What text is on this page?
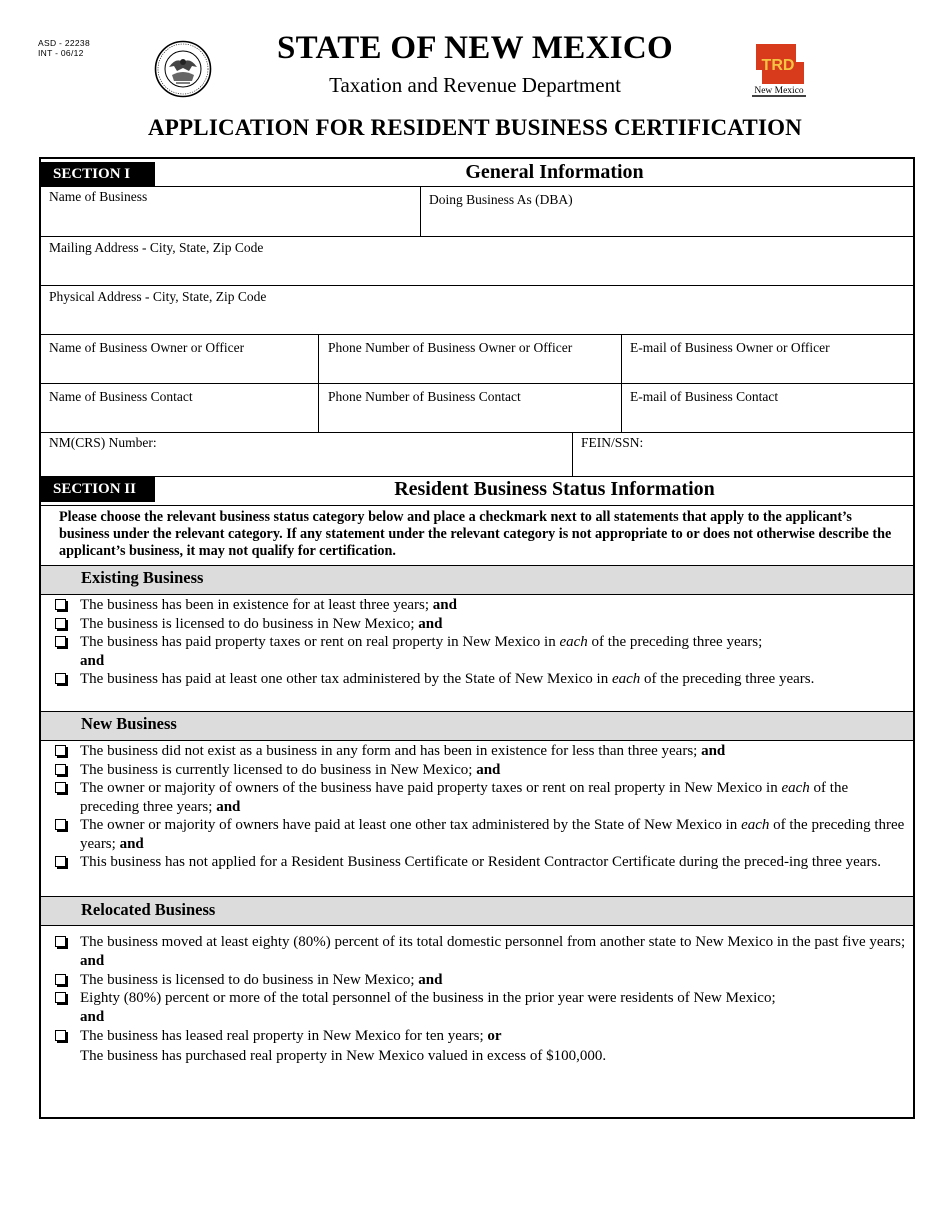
ASD - 22238
INT - 06/12	STATE OF NEW MEXICO
Taxation and Revenue Department
TRD
New Mexico
APPLICATION FOR RESIDENT BUSINESS CERTIFICATION
SECTION I	General Information
Name of Business	Doing Business As (DBA)
Mailing Address - City, State, Zip Code
Physical Address - City, State, Zip Code
Name of Business Owner or Officer	Phone Number of Business Owner or Officer	E-mail of Business Owner or Officer
Name of Business Contact	Phone Number of Business Contact	E-mail of Business Contact
NM(CRS) Number:	FEIN/SSN:
SECTION II	Resident Business Status Information
Please choose the relevant business status category below and place a checkmark next to all statements that apply to the applicant’s business under the relevant category. If any statement under the relevant category is not appropriate to or does not otherwise describe the applicant’s business, it may not qualify for certification.
Existing Business
The business has been in existence for at least three years; and
The business is licensed to do business in New Mexico; and
The business has paid property taxes or rent on real property in New Mexico in each of the preceding three years;
and
The business has paid at least one other tax administered by the State of New Mexico in each of the preceding three years.
New Business
The business did not exist as a business in any form and has been in existence for less than three years; and
The business is currently licensed to do business in New Mexico; and
The owner or majority of owners of the business have paid property taxes or rent on real property in New Mexico in each of the preceding three years; and
The owner or majority of owners have paid at least one other tax administered by the State of New Mexico in each of the preceding three years; and
This business has not applied for a Resident Business Certificate or Resident Contractor Certificate during the preced-ing three years.
Relocated Business
The business moved at least eighty (80%) percent of its total domestic personnel from another state to New Mexico in the past five years; and
The business is licensed to do business in New Mexico; and
Eighty (80%) percent or more of the total personnel of the business in the prior year were residents of New Mexico;
and
The business has leased real property in New Mexico for ten years; or
The business has purchased real property in New Mexico valued in excess of $100,000.
